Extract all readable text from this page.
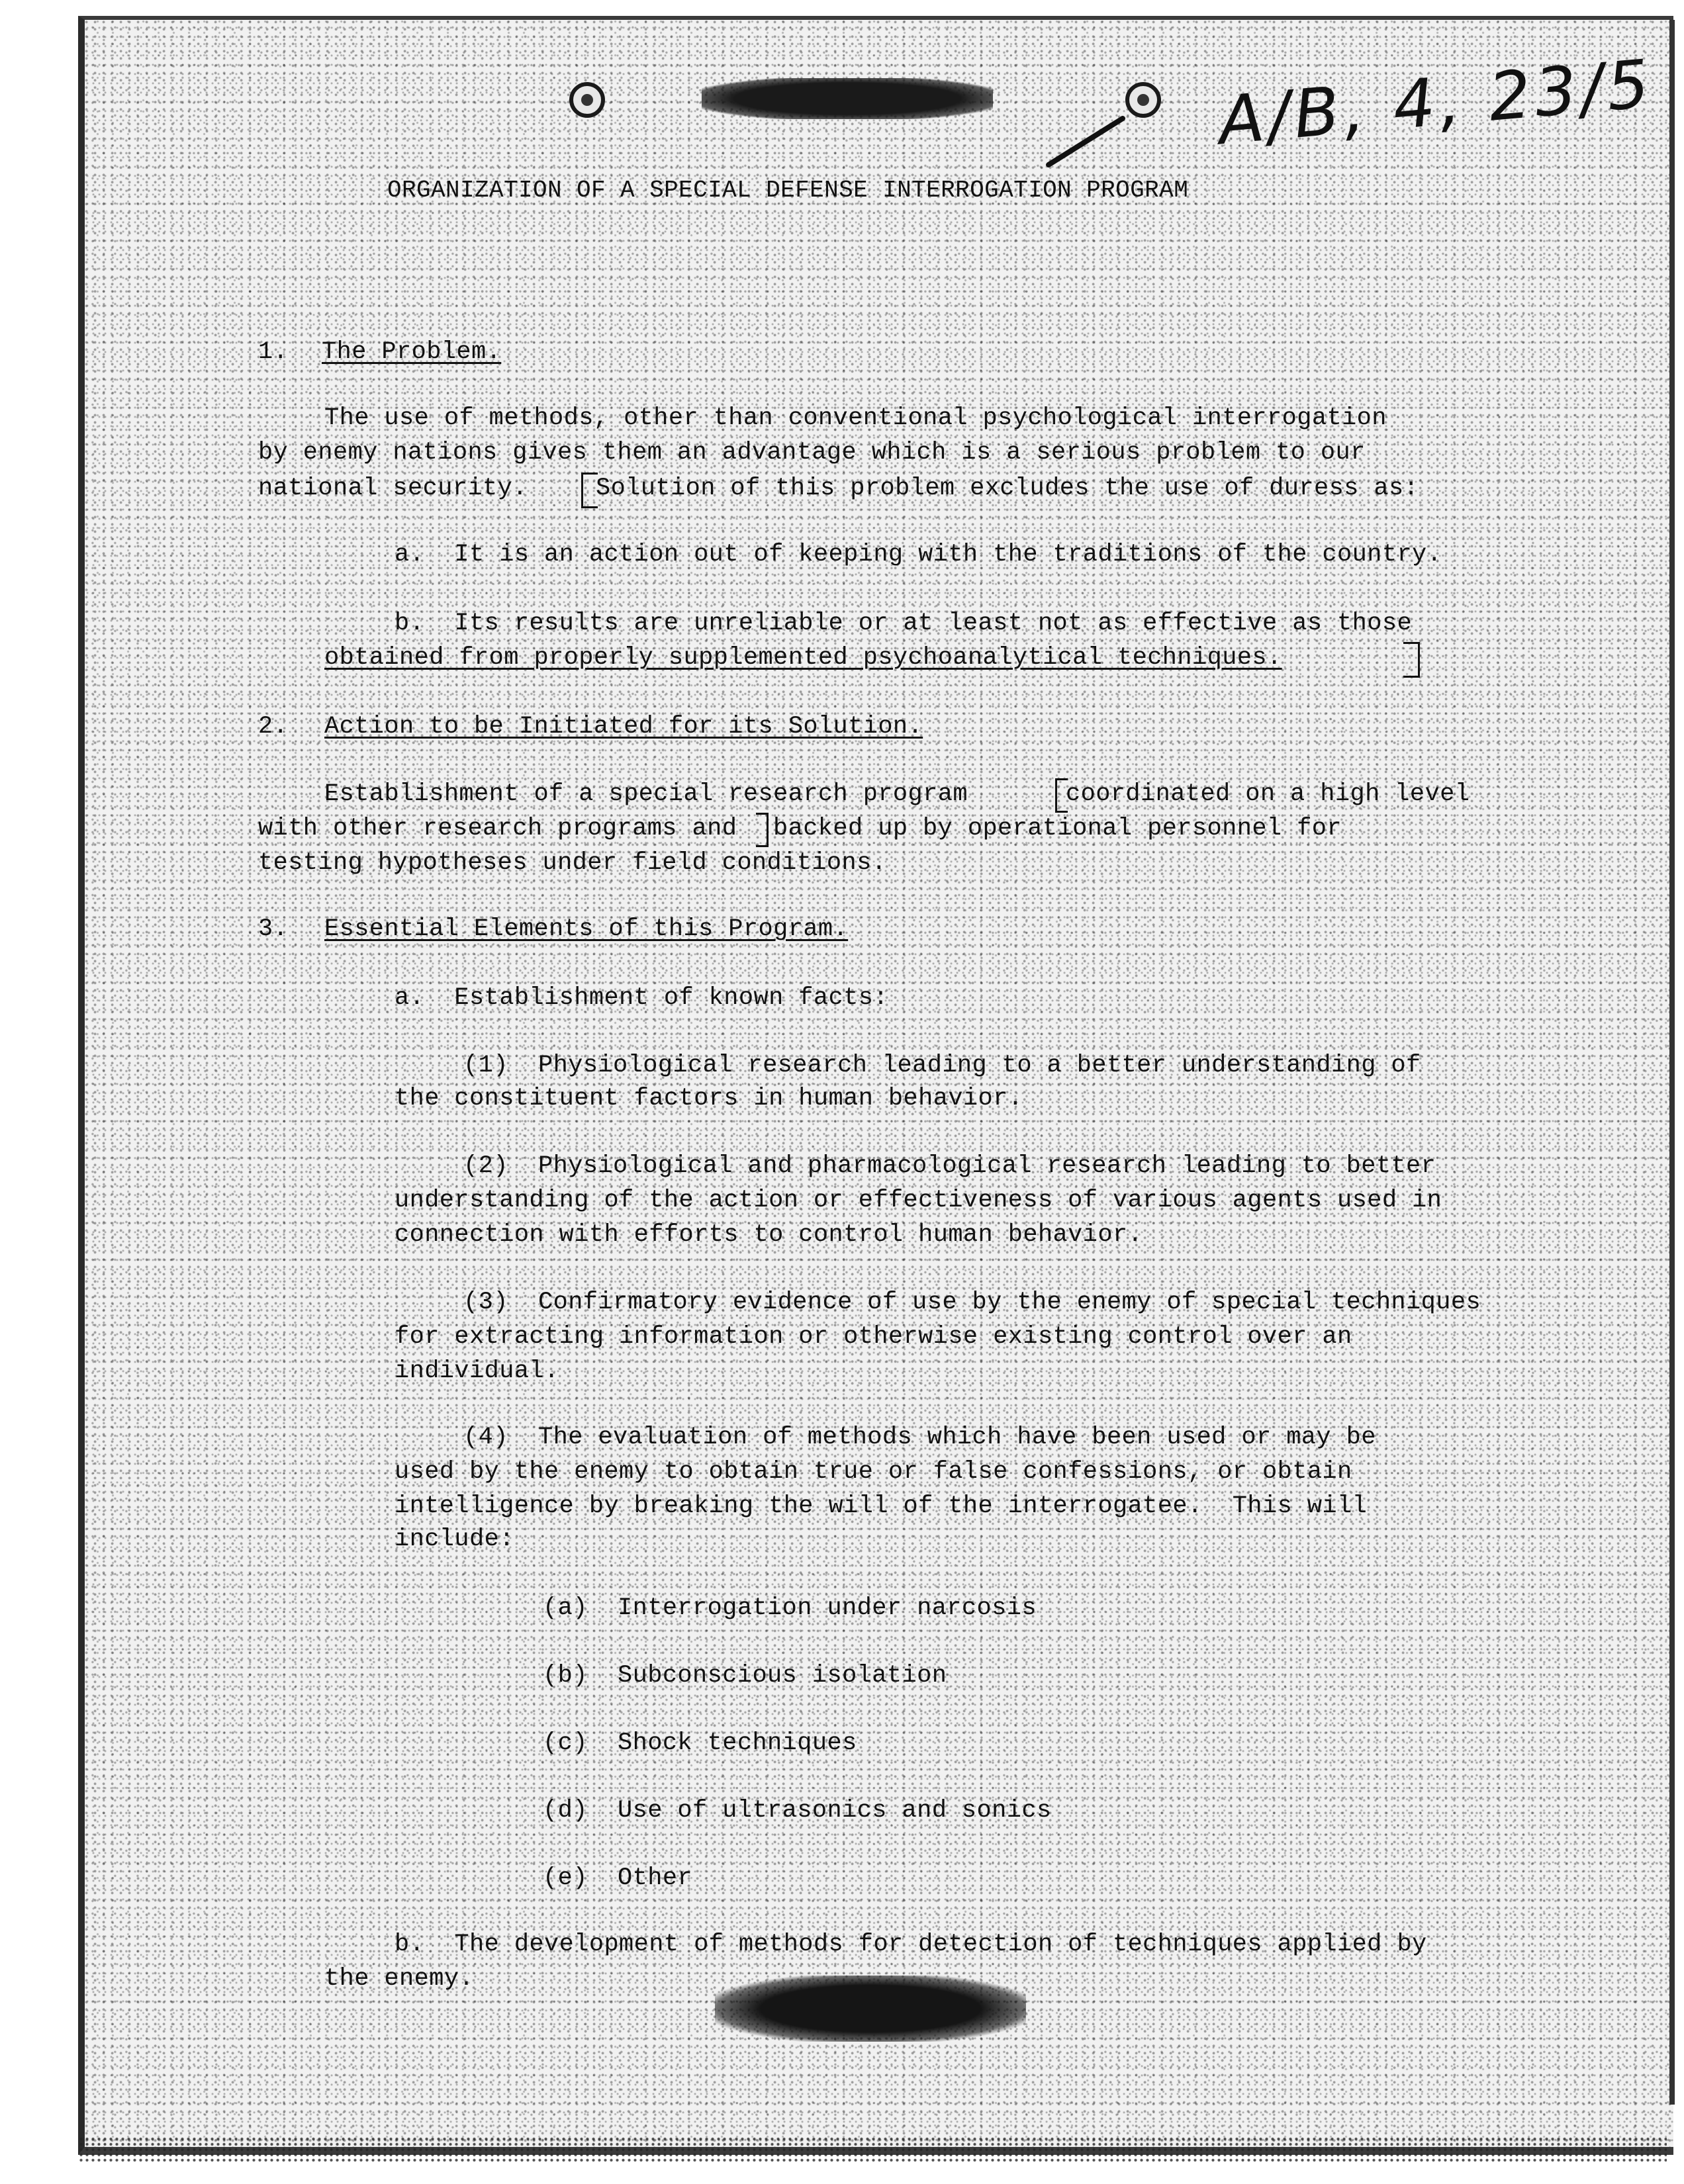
A/B, 4, 23/5
ORGANIZATION OF A SPECIAL DEFENSE INTERROGATION PROGRAM
1. The Problem.
The use of methods, other than conventional psychological interrogation
by enemy nations gives them an advantage which is a serious problem to our
national security.	Solution of this problem excludes the use of duress as:
a.  It is an action out of keeping with the traditions of the country.
b.  Its results are unreliable or at least not as effective as those
obtained from properly supplemented psychoanalytical techniques.
2. Action to be Initiated for its Solution.
Establishment of a special research program	coordinated on a high level
with other research programs and backed up by operational personnel for
testing hypotheses under field conditions.
3. Essential Elements of this Program.
a.  Establishment of known facts:
(1)  Physiological research leading to a better understanding of
the constituent factors in human behavior.
(2)  Physiological and pharmacological research leading to better
understanding of the action or effectiveness of various agents used in
connection with efforts to control human behavior.
(3)  Confirmatory evidence of use by the enemy of special techniques
for extracting information or otherwise existing control over an
individual.
(4)  The evaluation of methods which have been used or may be
used by the enemy to obtain true or false confessions, or obtain
intelligence by breaking the will of the interrogatee.  This will
include:
(a)  Interrogation under narcosis
(b)  Subconscious isolation
(c)  Shock techniques
(d)  Use of ultrasonics and sonics
(e)  Other
b.  The development of methods for detection of techniques applied by
the enemy.
